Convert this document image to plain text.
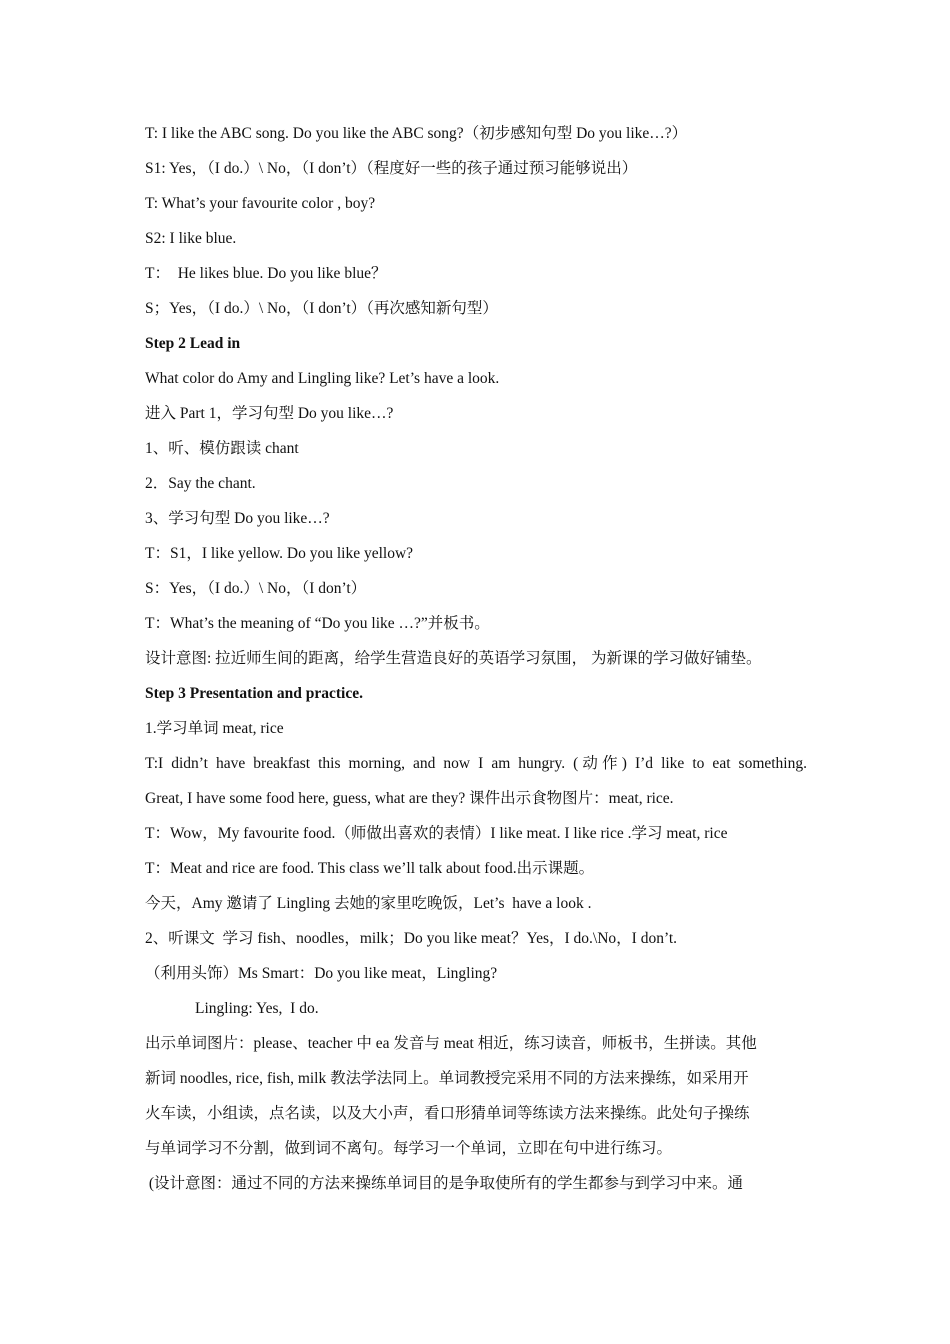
T: I like the ABC song. Do you like the ABC song?（初步感知句型 Do you like…?）
S1: Yes，（I do.）\ No，（I don’t）（程度好一些的孩子通过预习能够说出）
T: What’s your favourite color , boy?
S2: I like blue.
T：  He likes blue. Do you like blue？
S；Yes，（I do.）\ No，（I don’t）（再次感知新句型）
Step 2 Lead in
What color do Amy and Lingling like? Let’s have a look.
进入 Part 1，学习句型 Do you like…?
1、听、模仿跟读 chant
2．Say the chant.
3、学习句型 Do you like…?
T：S1，I like yellow. Do you like yellow?
S：Yes，（I do.）\ No，（I don’t）
T：What’s the meaning of “Do you like …?”并板书。
设计意图: 拉近师生间的距离，给学生营造良好的英语学习氛围， 为新课的学习做好铺垫。
Step 3 Presentation and practice.
1.学习单词 meat, rice
T:I didn’t have breakfast this morning, and now I am hungry. (动作) I’d like to eat something.
Great, I have some food here, guess, what are they? 课件出示食物图片：meat, rice.
T：Wow，My favourite food.（师做出喜欢的表情）I like meat. I like rice .学习 meat, rice
T：Meat and rice are food. This class we’ll talk about food.出示课题。
今天，Amy 邀请了 Lingling 去她的家里吃晚饭，Let’s  have a look .
2、听课文  学习 fish、noodles，milk；Do you like meat？Yes，I do.\No，I don’t.
（利用头饰）Ms Smart：Do you like meat，Lingling?
Lingling: Yes,  I do.
出示单词图片：please、teacher 中 ea 发音与 meat 相近，练习读音，师板书，生拼读。其他
新词 noodles, rice, fish, milk 教法学法同上。单词教授完采用不同的方法来操练，如采用开
火车读，小组读，点名读，以及大小声，看口形猜单词等练读方法来操练。此处句子操练
与单词学习不分割，做到词不离句。每学习一个单词，立即在句中进行练习。
(设计意图：通过不同的方法来操练单词目的是争取使所有的学生都参与到学习中来。通
